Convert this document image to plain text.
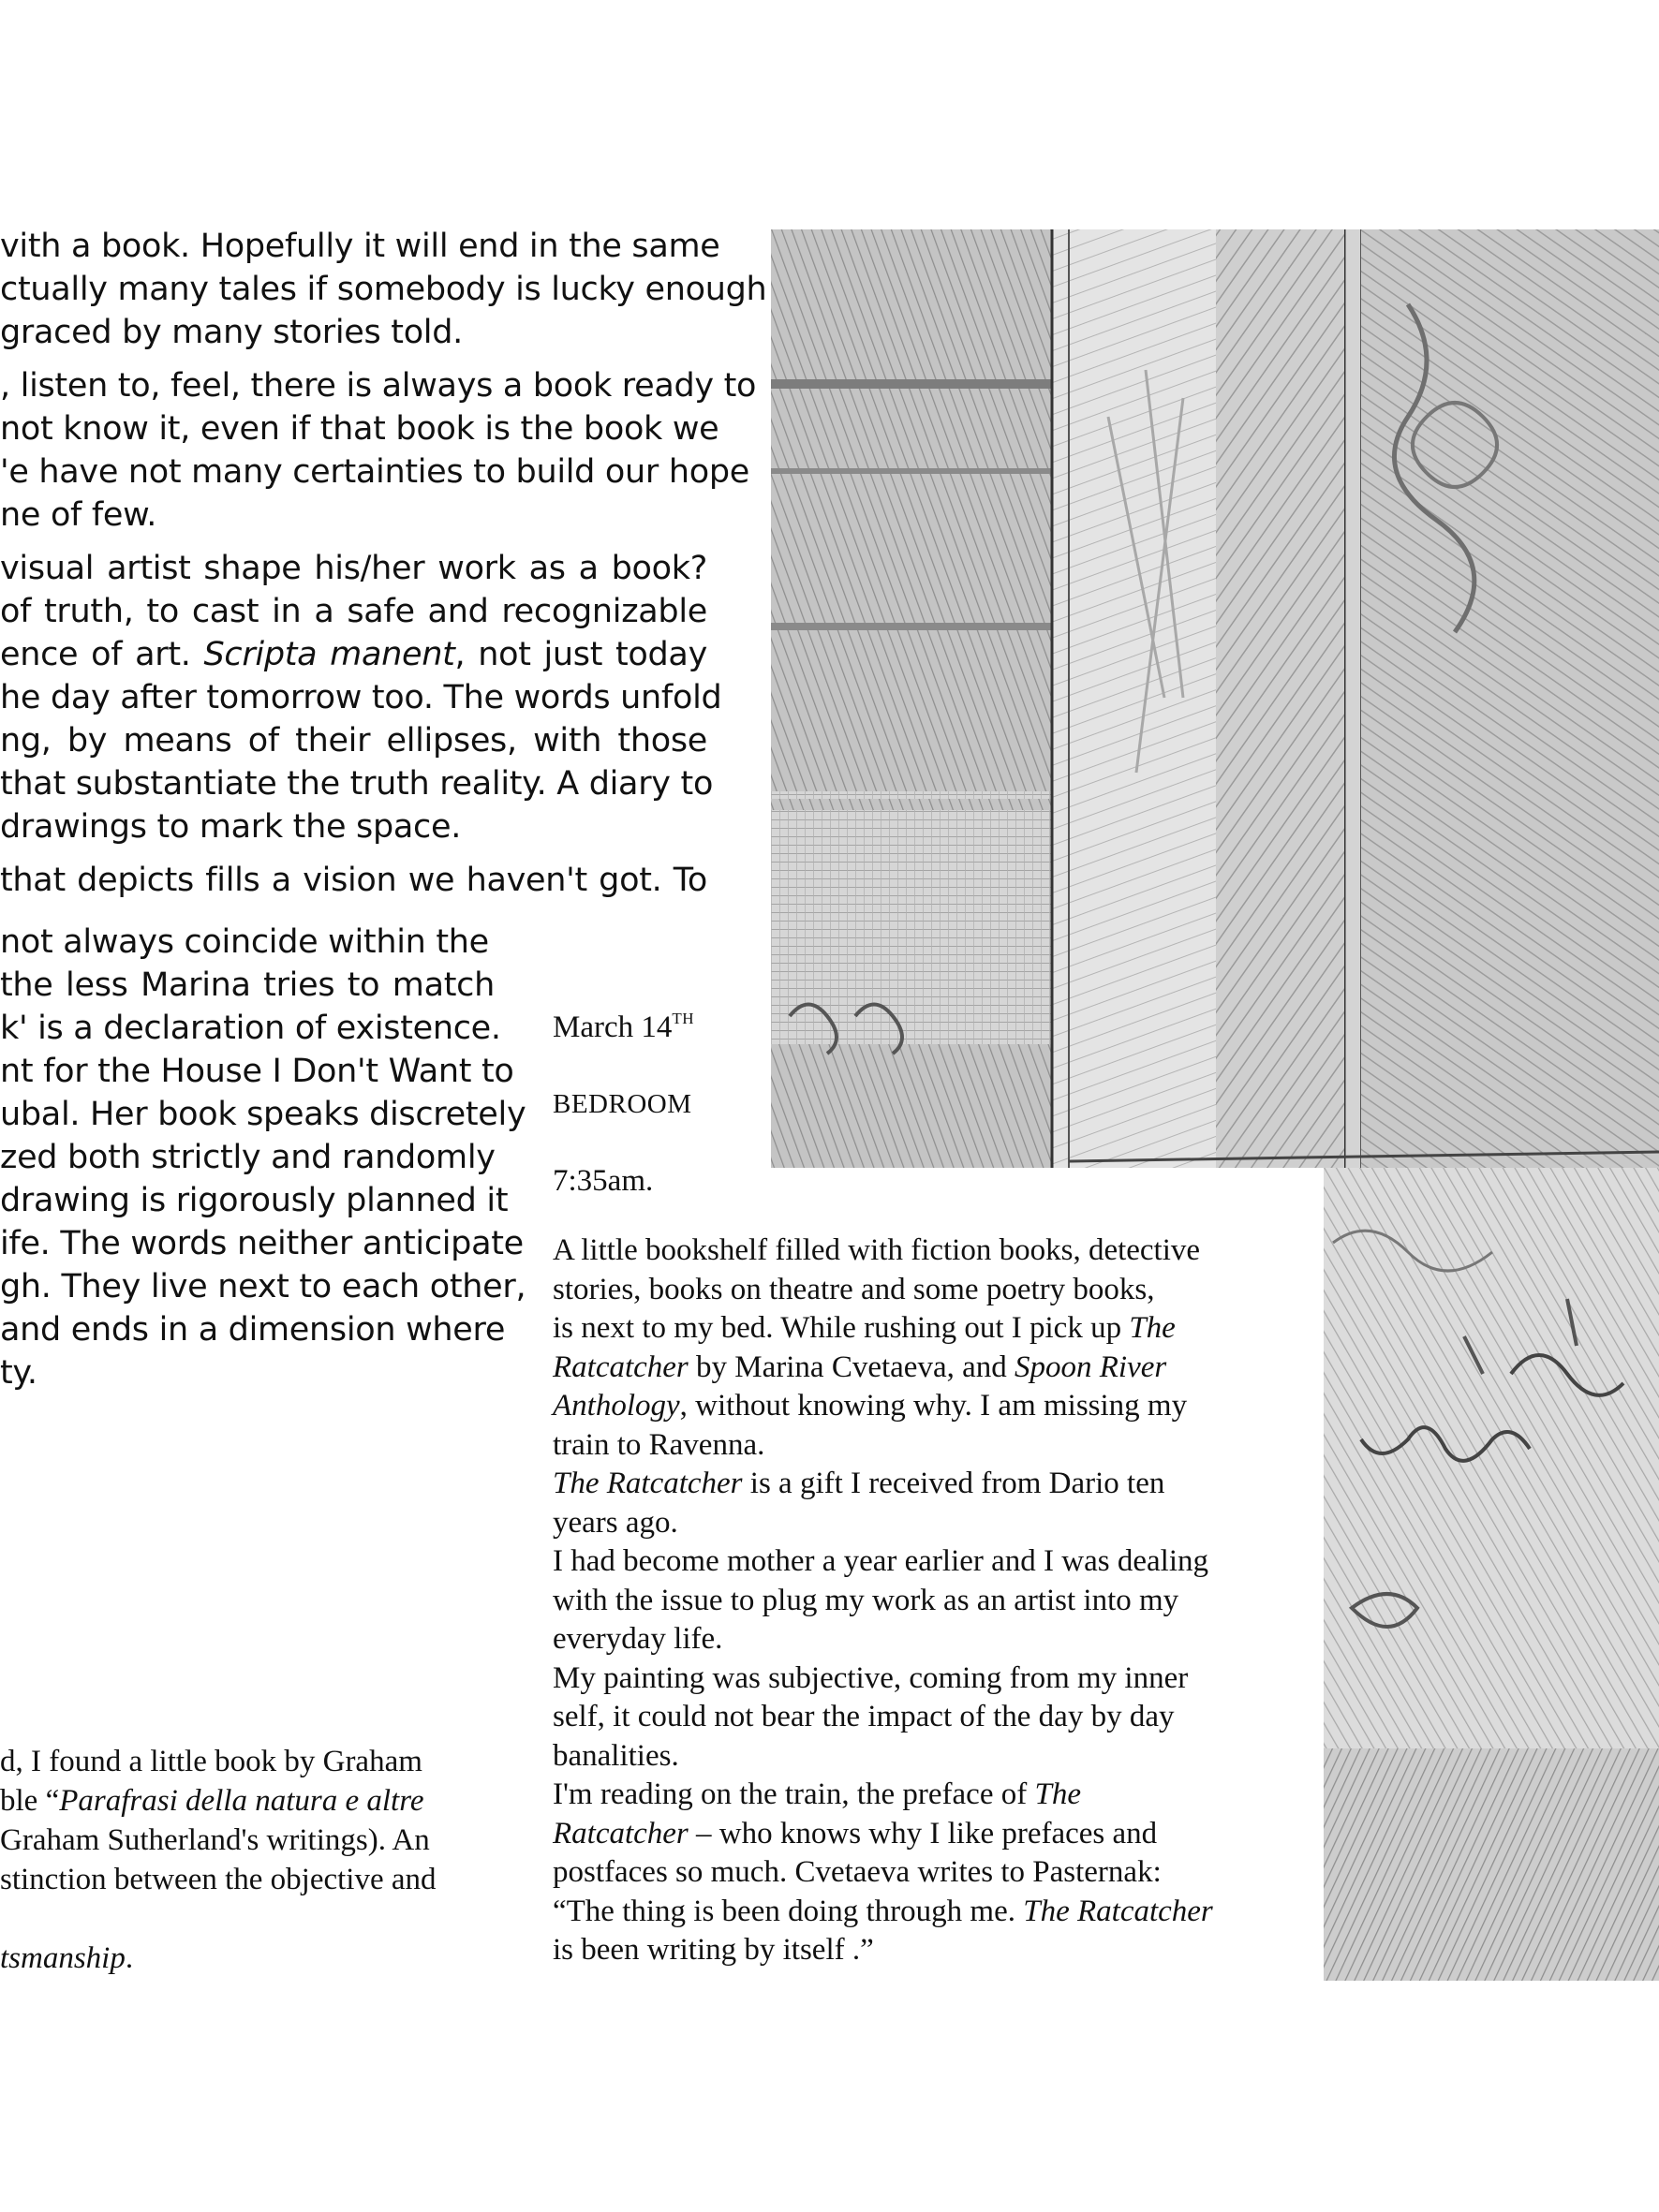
vith a book. Hopefully it will end in the same
ctually many tales if somebody is lucky enough
graced by many stories told.
, listen to, feel, there is always a book ready to
not know it, even if that book is the book we
'e have not many certainties to build our hope
ne of few.
visual artist shape his/her work as a book?
of truth, to cast in a safe and recognizable
ence of art. Scripta manent, not just today
he day after tomorrow too. The words unfold
ng, by means of their ellipses, with those
that substantiate the truth reality. A diary to
drawings to mark the space.
that depicts fills a vision we haven't got. To
not always coincide within the
the less Marina tries to match
k' is a declaration of existence.
nt for the House I Don't Want to
ubal. Her book speaks discretely
zed both strictly and randomly
drawing is rigorously planned it
ife. The words neither anticipate
gh. They live next to each other,
and ends in a dimension where
ty.
d, I found a little book by Graham
ble “Parafrasi della natura e altre
Graham Sutherland's writings). An
stinction between the objective and
tsmanship.
March 14TH
BEDROOM
7:35am.
A little bookshelf filled with fiction books, detective
stories, books on theatre and some poetry books,
is next to my bed. While rushing out I pick up The
Ratcatcher by Marina Cvetaeva, and Spoon River
Anthology, without knowing why. I am missing my
train to Ravenna.
The Ratcatcher is a gift I received from Dario ten
years ago.
I had become mother a year earlier and I was dealing
with the issue to plug my work as an artist into my
everyday life.
My painting was subjective, coming from my inner
self, it could not bear the impact of the day by day
banalities.
I'm reading on the train, the preface of The
Ratcatcher – who knows why I like prefaces and
postfaces so much. Cvetaeva writes to Pasternak:
“The thing is been doing through me. The Ratcatcher
is been writing by itself .”
